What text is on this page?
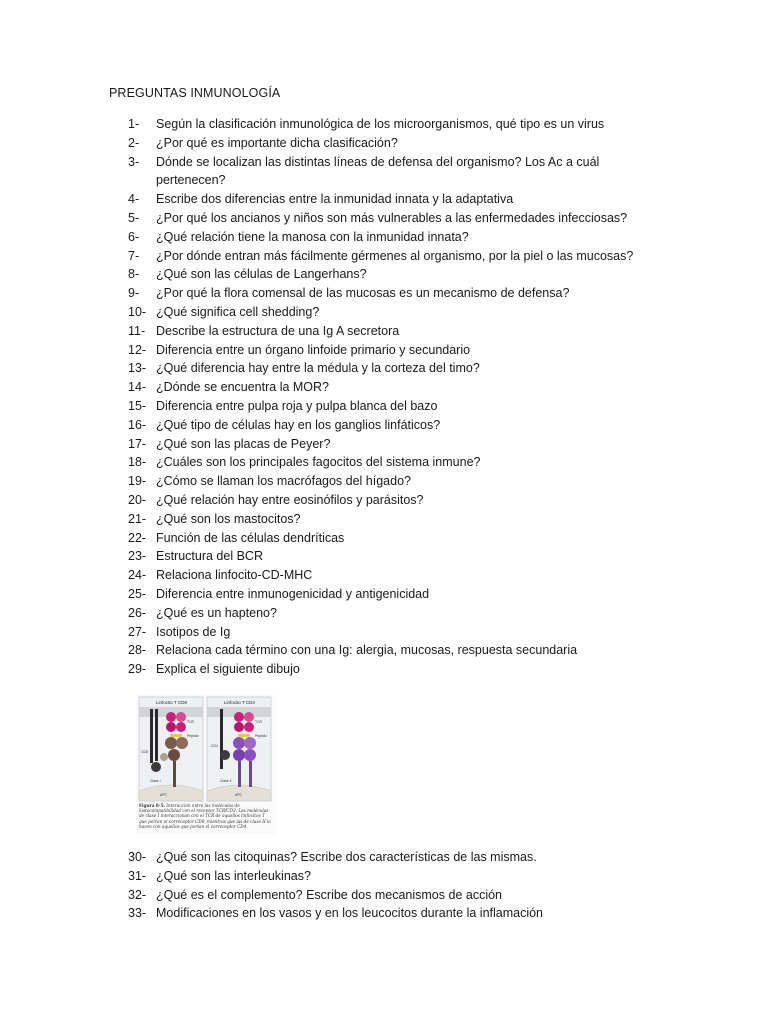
PREGUNTAS INMUNOLOGÍA
1- Según la clasificación inmunológica de los microorganismos, qué tipo es un virus
2- ¿Por qué es importante dicha clasificación?
3- Dónde se localizan las distintas líneas de defensa del organismo? Los Ac a cuál
pertenecen?
4- Escribe dos diferencias entre la inmunidad innata y la adaptativa
5- ¿Por qué los ancianos y niños son más vulnerables a las enfermedades infecciosas?
6- ¿Qué relación tiene la manosa con la inmunidad innata?
7- ¿Por dónde entran más fácilmente gérmenes al organismo, por la piel o las mucosas?
8- ¿Qué son las células de Langerhans?
9- ¿Por qué la flora comensal de las mucosas es un mecanismo de defensa?
10- ¿Qué significa cell shedding?
11- Describe la estructura de una Ig A secretora
12- Diferencia entre un órgano linfoide primario y secundario
13- ¿Qué diferencia hay entre la médula y la corteza del timo?
14- ¿Dónde se encuentra la MOR?
15- Diferencia entre pulpa roja y pulpa blanca del bazo
16- ¿Qué tipo de células hay en los ganglios linfáticos?
17- ¿Qué son las placas de Peyer?
18- ¿Cuáles son los principales fagocitos del sistema inmune?
19- ¿Cómo se llaman los macrófagos del hígado?
20- ¿Qué relación hay entre eosinófilos y parásitos?
21- ¿Qué son los mastocitos?
22- Función de las células dendríticas
23- Estructura del BCR
24- Relaciona linfocito-CD-MHC
25- Diferencia entre inmunogenicidad y antigenicidad
26- ¿Qué es un hapteno?
27- Isotipos de Ig
28- Relaciona cada término con una Ig: alergia, mucosas, respuesta secundaria
29- Explica el siguiente dibujo
Linfocito T CD8	Linfocito T CD4
TCR
Péptido
CD8
Clase I
APC
TCR
Péptido
CD4
Clase II
APC
Figura 8-5. Interacción entre las moléculas de histocompatibilidad con el receptor TCR/CD3. Las moléculas de clase I interaccionan con el TCR de aquellos linfocitos T que portan el correceptor CD8, mientras que las de clase II lo hacen con aquellos que portan el correceptor CD4.
30- ¿Qué son las citoquinas? Escribe dos características de las mismas.
31- ¿Qué son las interleukinas?
32- ¿Qué es el complemento? Escribe dos mecanismos de acción
33- Modificaciones en los vasos y en los leucocitos durante la inflamación
